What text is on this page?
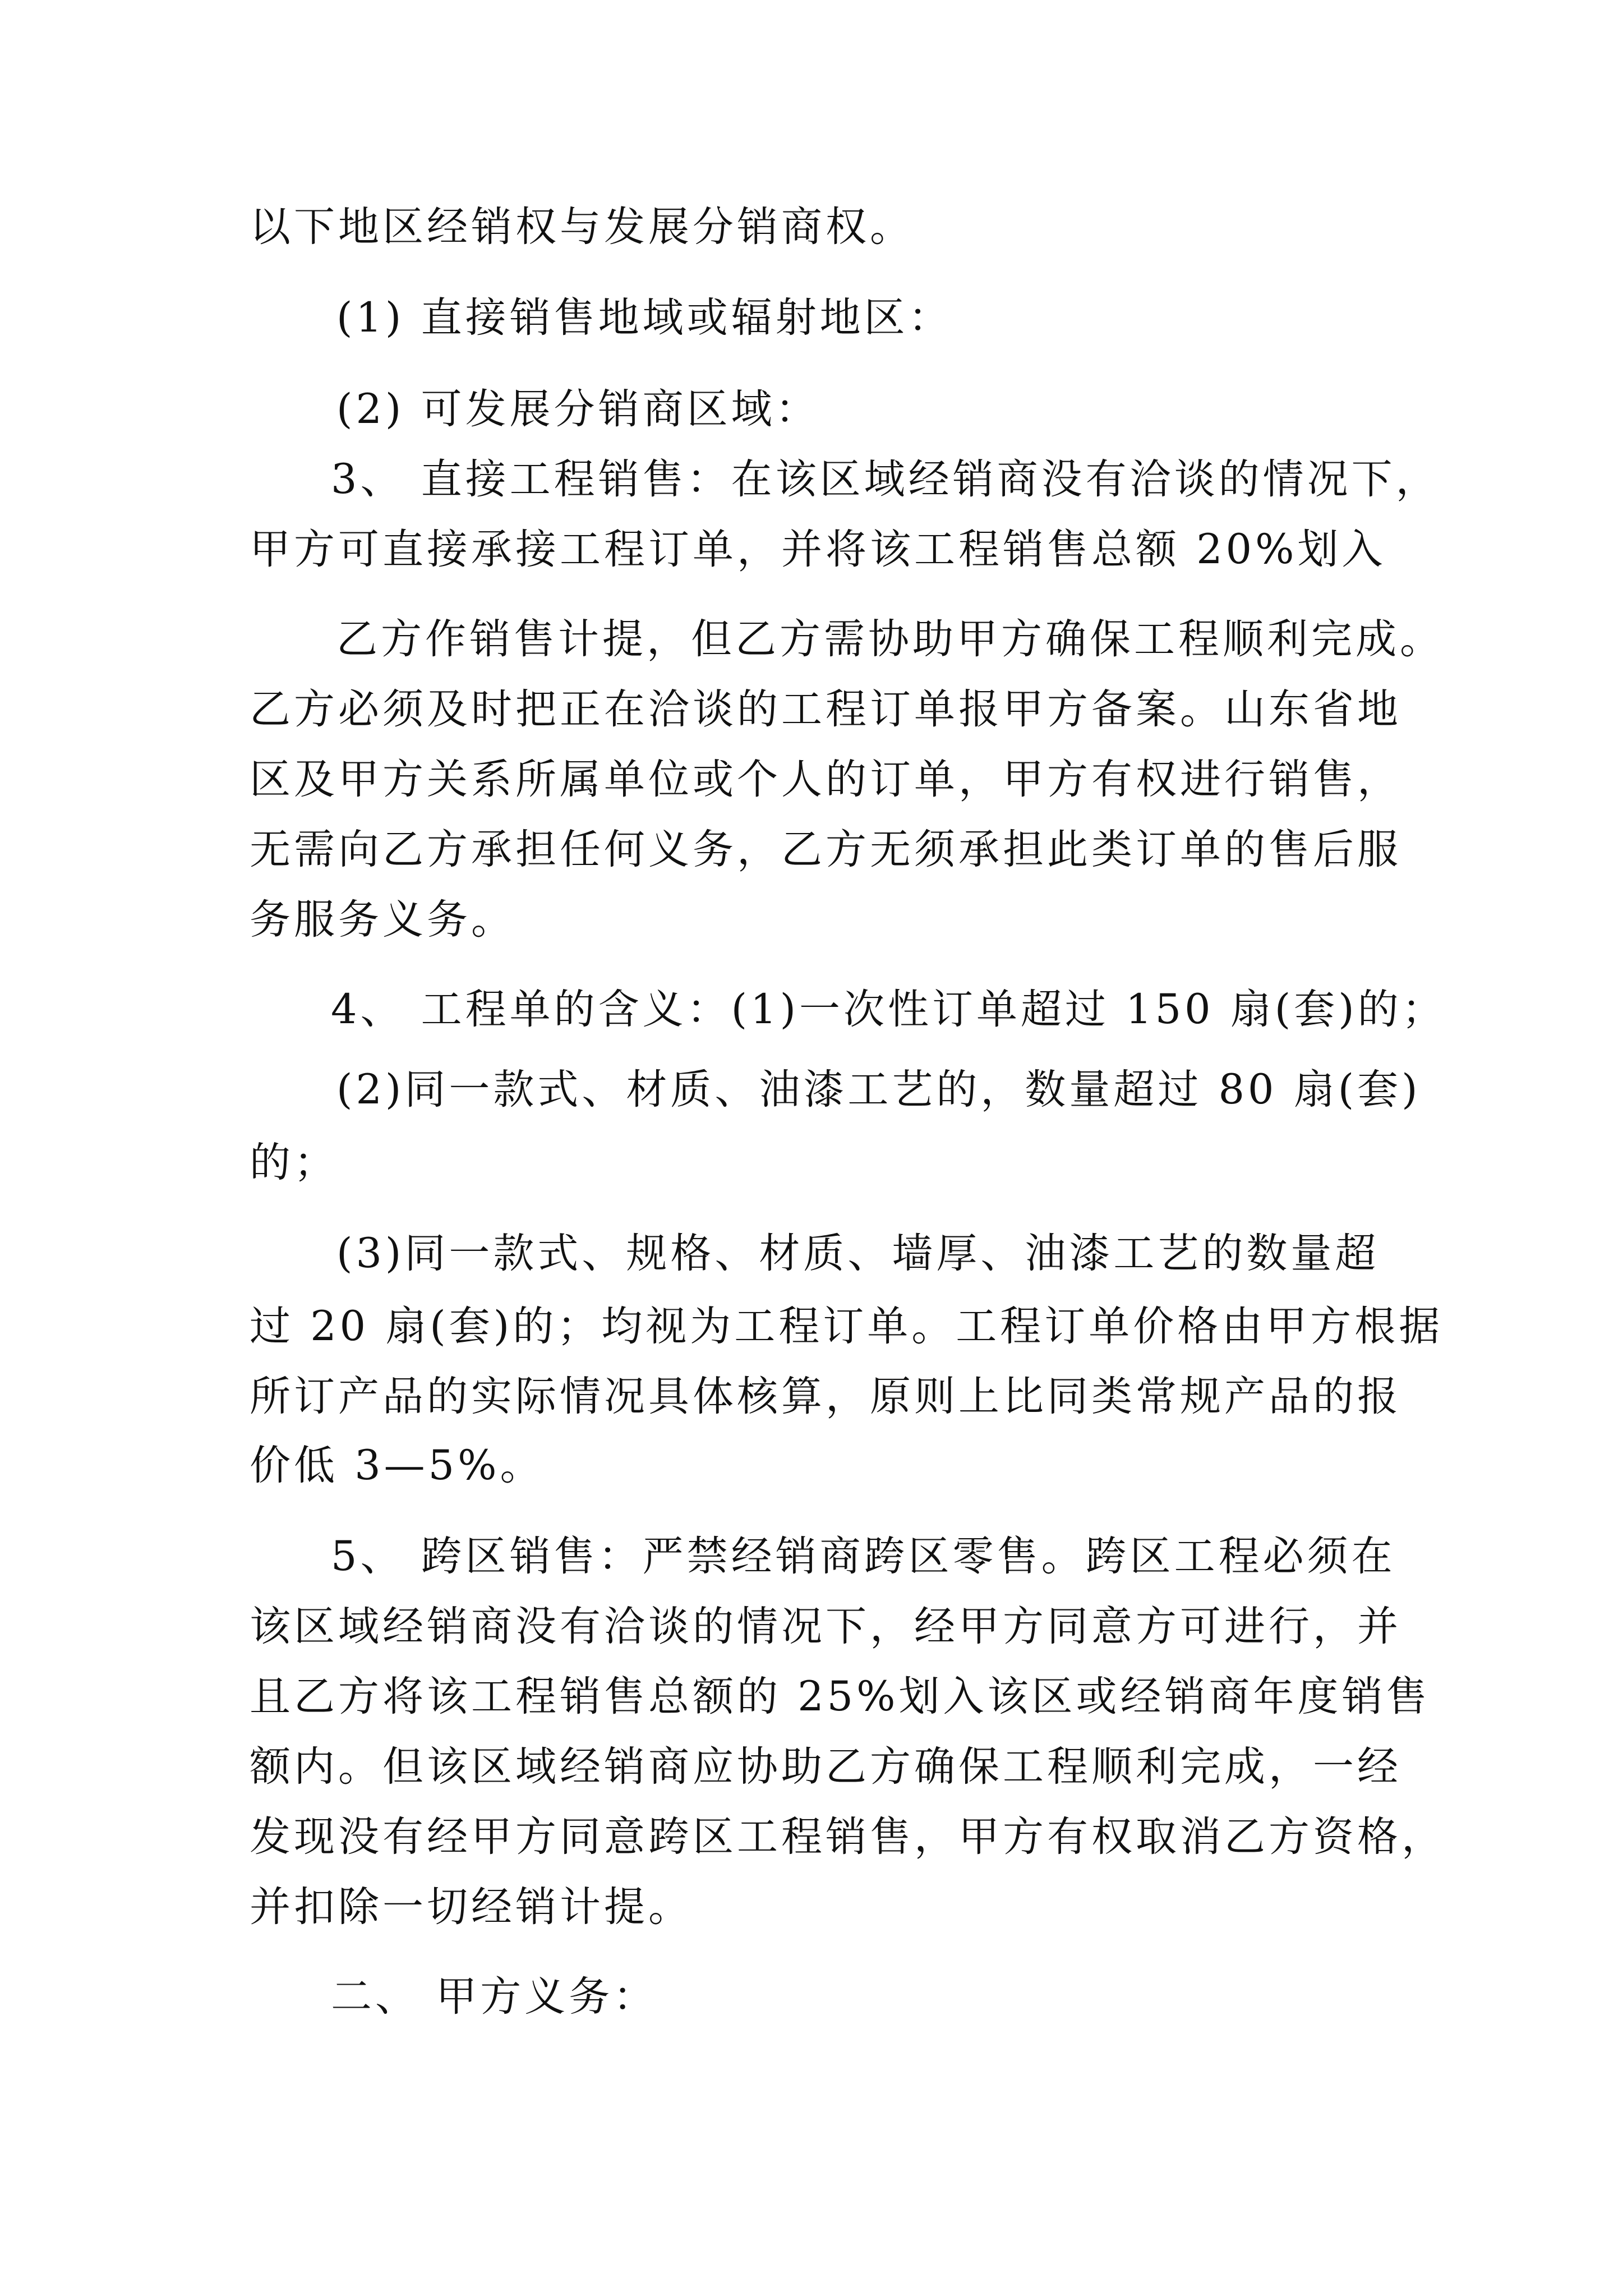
以下地区经销权与发展分销商权。
(1) 直接销售地域或辐射地区：
(2) 可发展分销商区域：
3、 直接工程销售：在该区域经销商没有洽谈的情况下，
甲方可直接承接工程订单，并将该工程销售总额 20%划入
乙方作销售计提，但乙方需协助甲方确保工程顺利完成。
乙方必须及时把正在洽谈的工程订单报甲方备案。山东省地
区及甲方关系所属单位或个人的订单，甲方有权进行销售，
无需向乙方承担任何义务，乙方无须承担此类订单的售后服
务服务义务。
4、 工程单的含义：(1)一次性订单超过 150 扇(套)的；
(2)同一款式、材质、油漆工艺的，数量超过 80 扇(套)
的；
(3)同一款式、规格、材质、墙厚、油漆工艺的数量超
过 20 扇(套)的；均视为工程订单。工程订单价格由甲方根据
所订产品的实际情况具体核算，原则上比同类常规产品的报
价低 3—5%。
5、 跨区销售：严禁经销商跨区零售。跨区工程必须在
该区域经销商没有洽谈的情况下，经甲方同意方可进行，并
且乙方将该工程销售总额的 25%划入该区或经销商年度销售
额内。但该区域经销商应协助乙方确保工程顺利完成，一经
发现没有经甲方同意跨区工程销售，甲方有权取消乙方资格，
并扣除一切经销计提。
二、 甲方义务：
